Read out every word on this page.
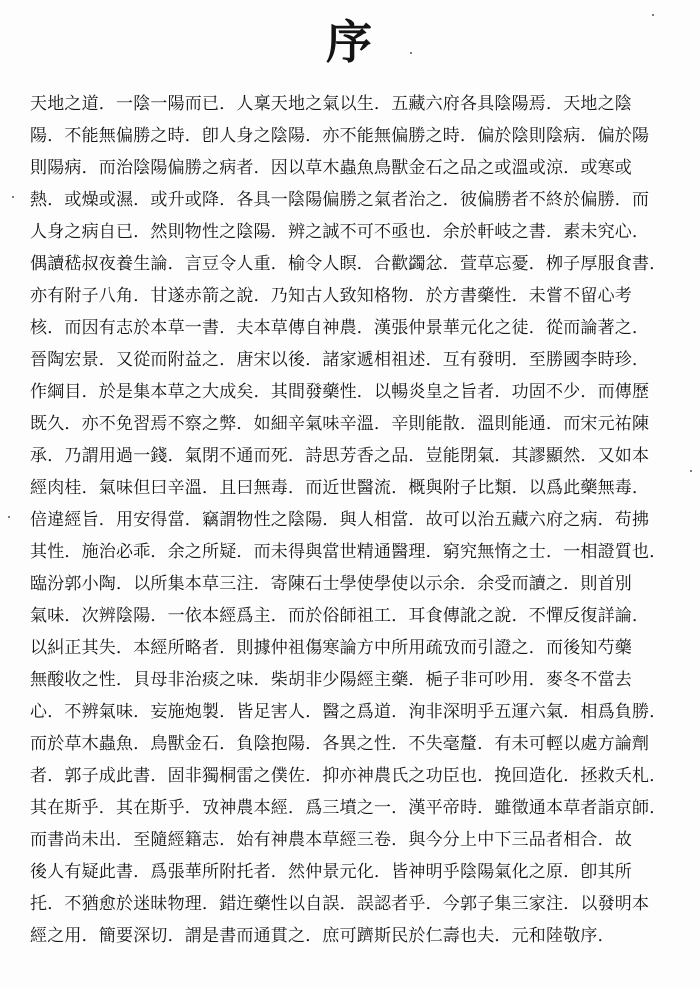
序
天地之道．一陰一陽而已．人稟天地之氣以生．五藏六府各具陰陽焉．天地之陰
陽．不能無偏勝之時．卽人身之陰陽．亦不能無偏勝之時．偏於陰則陰病．偏於陽
則陽病．而治陰陽偏勝之病者．因以草木蟲魚鳥獸金石之品之或溫或涼．或寒或
熱．或燥或濕．或升或降．各具一陰陽偏勝之氣者治之．彼偏勝者不終於偏勝．而
人身之病自已．然則物性之陰陽．辨之誠不可不亟也．余於軒岐之書．素未究心．
偶讀嵇叔夜養生論．言豆令人重．榆令人瞑．合歡蠲忿．萱草忘憂．栁子厚服食書．
亦有附子八角．甘遂赤箭之說．乃知古人致知格物．於方書藥性．未嘗不留心考
核．而因有志於本草一書．夫本草傳自神農．漢張仲景華元化之徒．從而論著之．
晉陶宏景．又從而附益之．唐宋以後．諸家遞相祖述．互有發明．至勝國李時珍．
作綱目．於是集本草之大成矣．其間發藥性．以暢炎皇之旨者．功固不少．而傳歷
既久．亦不免習焉不察之弊．如細辛氣味辛溫．辛則能散．溫則能通．而宋元祐陳
承．乃謂用過一錢．氣閉不通而死．詩思芳香之品．豈能閉氣．其謬顯然．又如本
經肉桂．氣味但曰辛溫．且曰無毒．而近世醫流．概與附子比類．以爲此藥無毒．
倍違經旨．用安得當．竊謂物性之陰陽．與人相當．故可以治五藏六府之病．苟拂
其性．施治必乖．余之所疑．而未得與當世精通醫理．窮究無惰之士．一相證質也．
臨汾郭小陶．以所集本草三注．寄陳石士學使學使以示余．余受而讀之．則首別
氣味．次辨陰陽．一依本經爲主．而於俗師祖工．耳食傳訛之說．不憚反復詳論．
以糾正其失．本經所略者．則據仲祖傷寒論方中所用疏攷而引證之．而後知芍藥
無酸收之性．貝母非治痰之味．柴胡非少陽經主藥．梔子非可吵用．麥冬不當去
心．不辨氣味．妄施炮製．皆足害人．醫之爲道．洵非深明乎五運六氣．相爲負勝．
而於草木蟲魚．鳥獸金石．負陰抱陽．各異之性．不失毫釐．有未可輕以處方論劑
者．郭子成此書．固非獨桐雷之僕佐．抑亦神農氏之功臣也．挽回造化．拯救夭札．
其在斯乎．其在斯乎．攷神農本經．爲三墳之一．漢平帝時．雖徵通本草者詣京師．
而書尚未出．至隨經籍志．始有神農本草經三卷．與今分上中下三品者相合．故
後人有疑此書．爲張華所附托者．然仲景元化．皆神明乎陰陽氣化之原．卽其所
托．不猶愈於迷昧物理．錯迕藥性以自誤．誤認者乎．今郭子集三家注．以發明本
經之用．簡要深切．謂是書而通貫之．庶可躋斯民於仁壽也夫．元和陸敬序．
